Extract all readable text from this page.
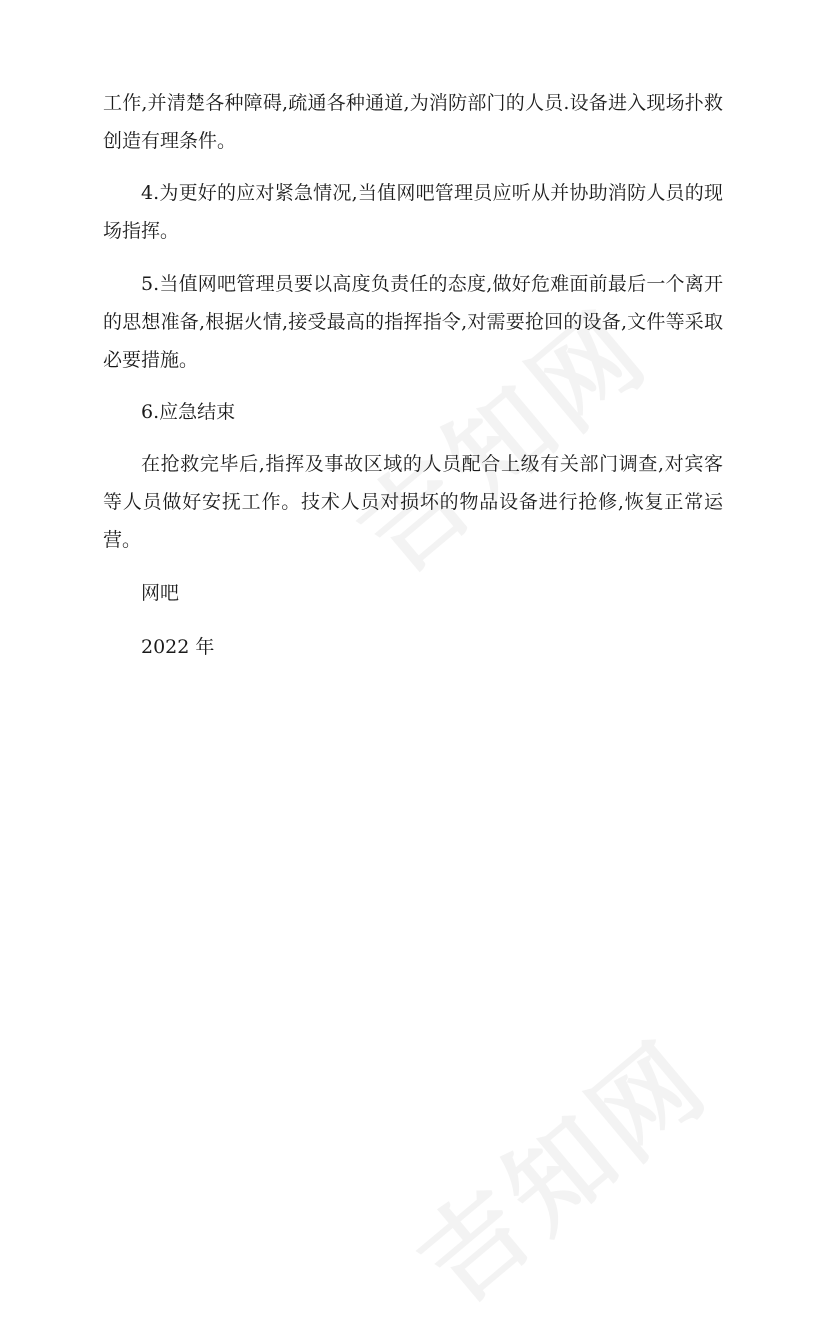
工作,并清楚各种障碍,疏通各种通道,为消防部门的人员.设备进入现场扑救创造有理条件。

4.为更好的应对紧急情况,当值网吧管理员应听从并协助消防人员的现场指挥。

5.当值网吧管理员要以高度负责任的态度,做好危难面前最后一个离开的思想准备,根据火情,接受最高的指挥指令,对需要抢回的设备,文件等采取必要措施。

6.应急结束

在抢救完毕后,指挥及事故区域的人员配合上级有关部门调查,对宾客等人员做好安抚工作。技术人员对损坏的物品设备进行抢修,恢复正常运营。

网吧

2022 年
